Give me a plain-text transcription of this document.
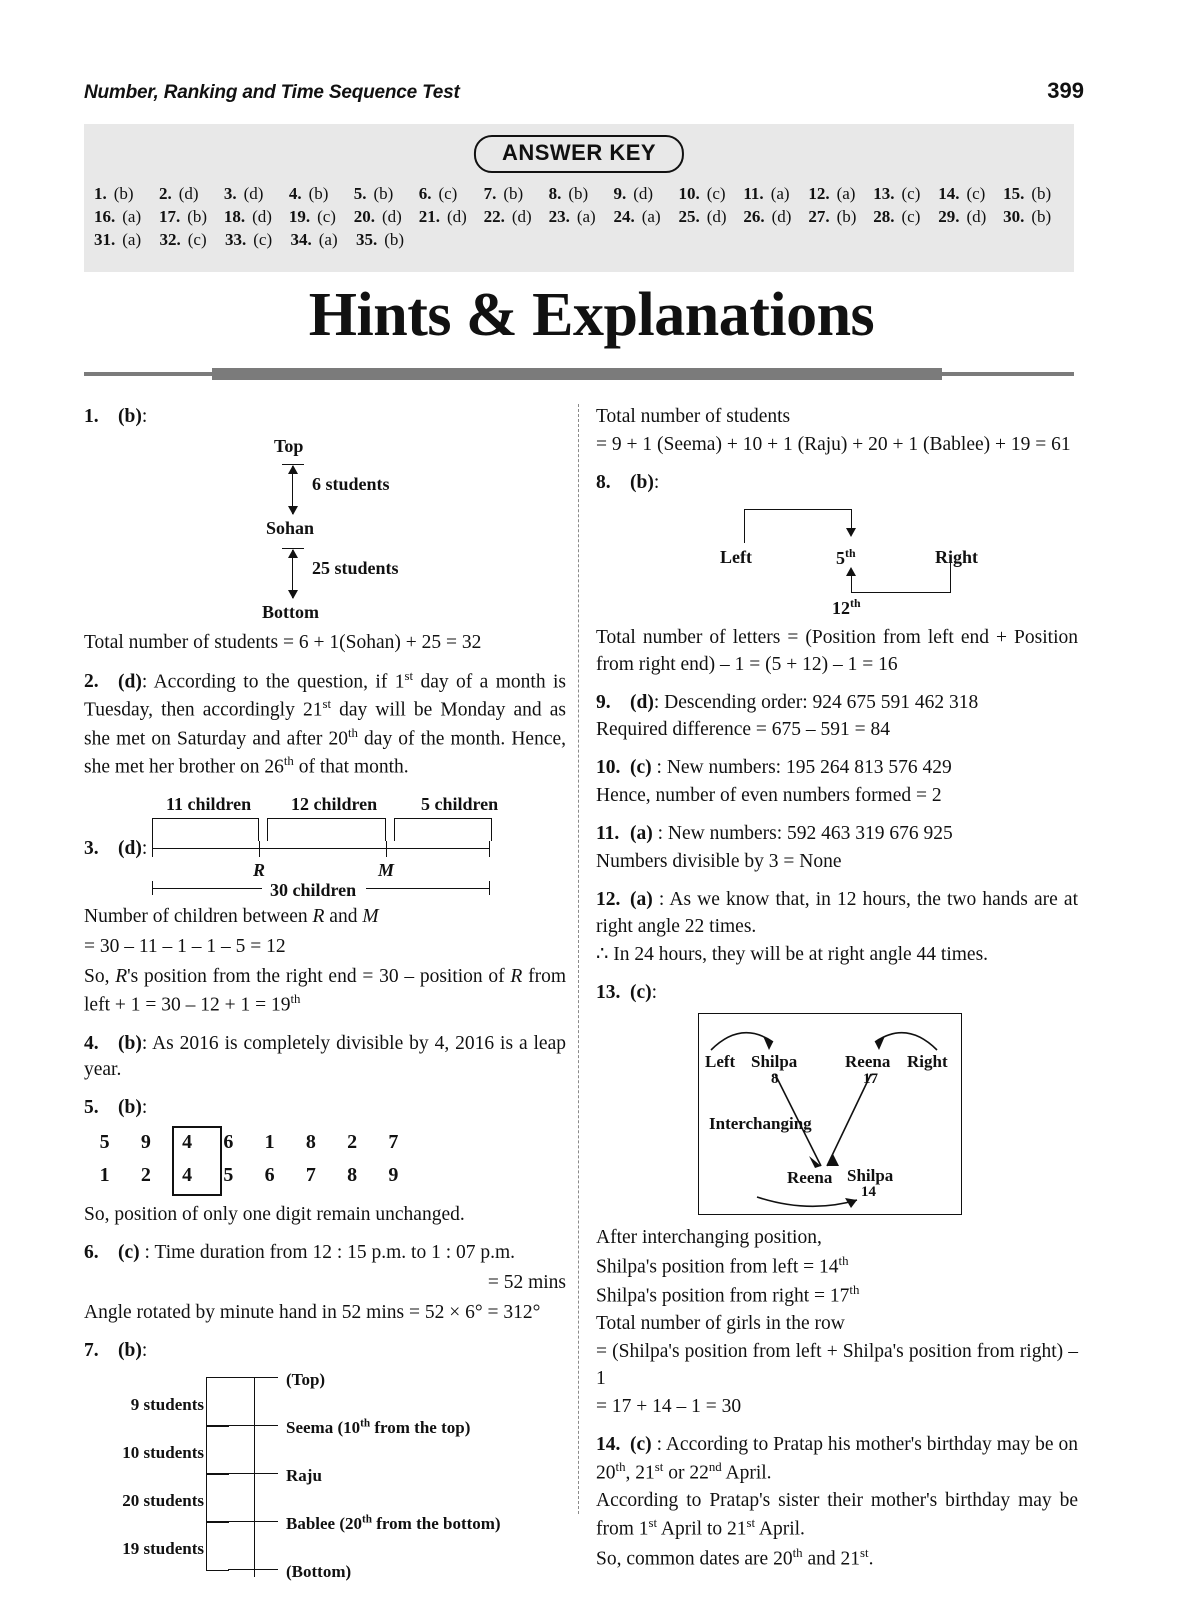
Number, Ranking and Time Sequence Test	399
ANSWER KEY
1. (b) 2. (d) 3. (d) 4. (b) 5. (b) 6. (c) 7. (b) 8. (b) 9. (d) 10. (c) 11. (a) 12. (a) 13. (c) 14. (c) 15. (b)
16. (a) 17. (b) 18. (d) 19. (c) 20. (d) 21. (d) 22. (d) 23. (a) 24. (a) 25. (d) 26. (d) 27. (b) 28. (c) 29. (d) 30. (b)
31. (a) 32. (c) 33. (c) 34. (a) 35. (b)
Hints & Explanations

1. (b):

Top
6 students
Sohan
25 students
Bottom

Total number of students = 6 + 1(Sohan) + 25 = 32

2. (d): According to the question, if 1st day of a month is Tuesday, then accordingly 21st day will be Monday and as she met on Saturday and after 20th day of the month. Hence, she met her brother on 26th of that month.

11 children 12 children 5 children

3. (d):

R	M
30 children

Number of children between R and M

= 30 – 11 – 1 – 1 – 5 = 12

So, R's position from the right end = 30 – position of R from left + 1 = 30 – 12 + 1 = 19th

4. (b): As 2016 is completely divisible by 4, 2016 is a leap year.

5. (b):

5	9	4	6	1	8	2	7
1	2	4	5	6	7	8	9

So, position of only one digit remain unchanged.

6. (c) : Time duration from 12 : 15 p.m. to 1 : 07 p.m.

= 52 mins

Angle rotated by minute hand in 52 mins = 52 × 6° = 312°

7. (b):

9 students
10 students
20 students
19 students
(Top)
Seema (10th from the top)
Raju
Bablee (20th from the bottom)
(Bottom)

Total number of students

= 9 + 1 (Seema) + 10 + 1 (Raju) + 20 + 1 (Bablee) + 19 = 61

8. (b):

Left	5th	Right
12th

Total number of letters = (Position from left end + Position from right end) – 1 = (5 + 12) – 1 = 16

9. (d): Descending order: 924 675 591 462 318

Required difference = 675 – 591 = 84

10. (c) : New numbers: 195 264 813 576 429

Hence, number of even numbers formed = 2

11. (a) : New numbers: 592 463 319 676 925

Numbers divisible by 3 = None

12. (a) : As we know that, in 12 hours, the two hands are at right angle 22 times.

∴ In 24 hours, they will be at right angle 44 times.

13. (c):

Left Shilpa
8
Reena
17
Right
Interchanging
Reena Shilpa
14

After interchanging position,

Shilpa's position from left = 14th

Shilpa's position from right = 17th

Total number of girls in the row

= (Shilpa's position from left + Shilpa's position from right) – 1

= 17 + 14 – 1 = 30

14. (c) : According to Pratap his mother's birthday may be on 20th, 21st or 22nd April.

According to Pratap's sister their mother's birthday may be from 1st April to 21st April.

So, common dates are 20th and 21st.
